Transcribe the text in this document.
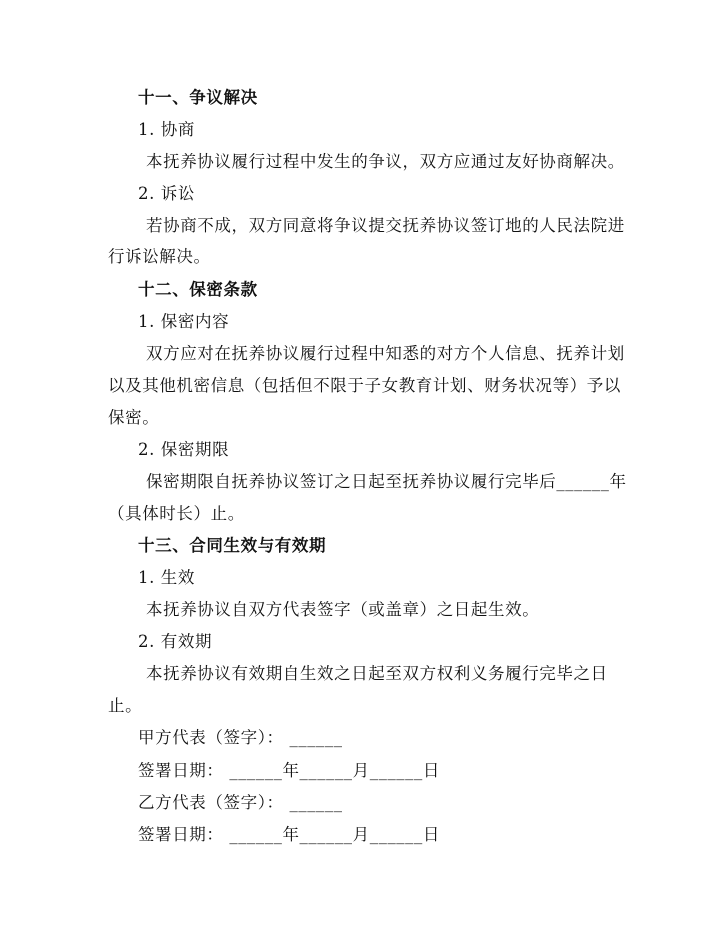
十一、争议解决
1. 协商
本抚养协议履行过程中发生的争议，双方应通过友好协商解决。
2. 诉讼
若协商不成，双方同意将争议提交抚养协议签订地的人民法院进
行诉讼解决。
十二、保密条款
1. 保密内容
双方应对在抚养协议履行过程中知悉的对方个人信息、抚养计划
以及其他机密信息（包括但不限于子女教育计划、财务状况等）予以
保密。
2. 保密期限
保密期限自抚养协议签订之日起至抚养协议履行完毕后______年
（具体时长）止。
十三、合同生效与有效期
1. 生效
本抚养协议自双方代表签字（或盖章）之日起生效。
2. 有效期
本抚养协议有效期自生效之日起至双方权利义务履行完毕之日
止。
甲方代表（签字）： ______
签署日期： ______年______月______日
乙方代表（签字）： ______
签署日期： ______年______月______日
